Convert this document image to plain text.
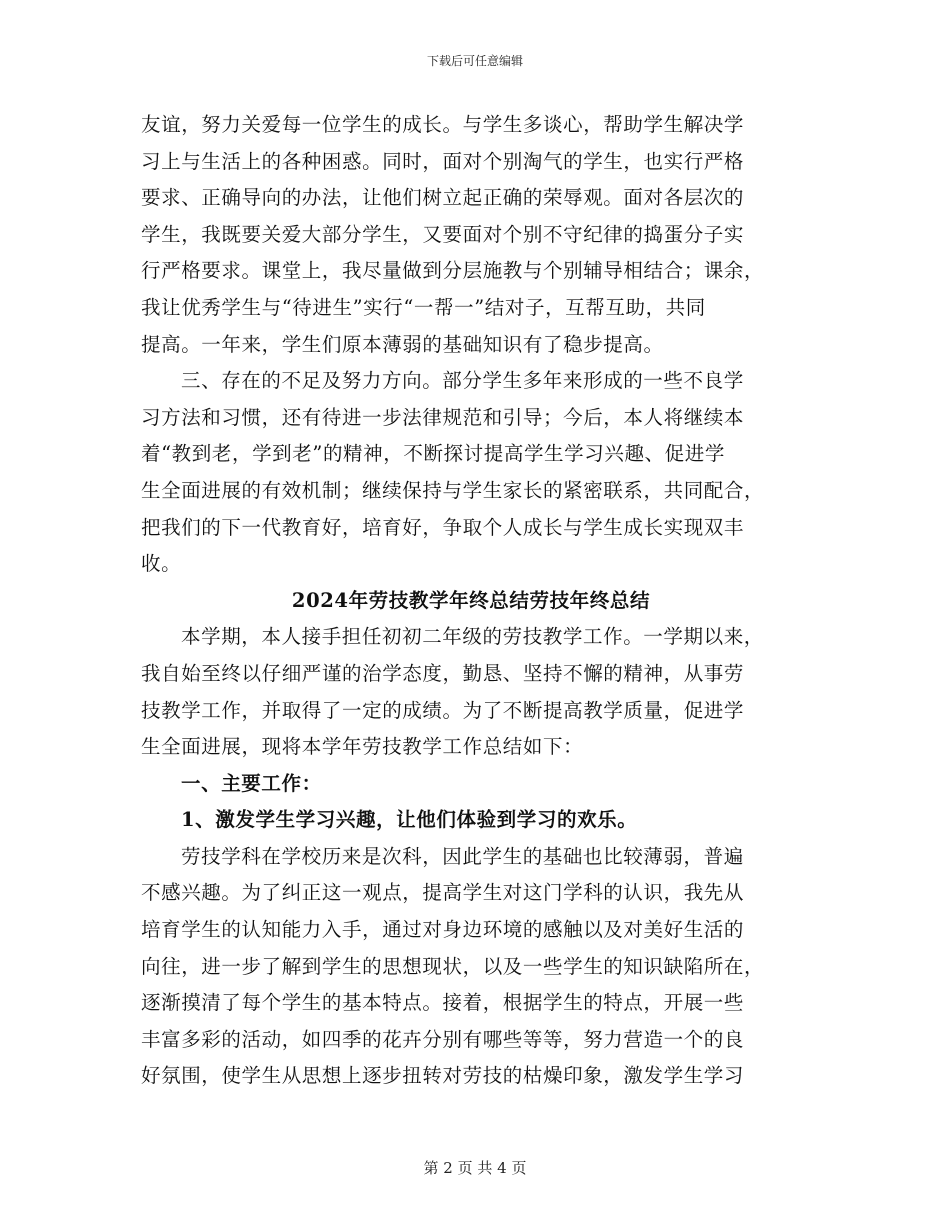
下载后可任意编辑
友谊，努力关爱每一位学生的成长。与学生多谈心，帮助学生解决学
习上与生活上的各种困惑。同时，面对个别淘气的学生，也实行严格
要求、正确导向的办法，让他们树立起正确的荣辱观。面对各层次的
学生，我既要关爱大部分学生，又要面对个别不守纪律的捣蛋分子实
行严格要求。课堂上，我尽量做到分层施教与个别辅导相结合；课余，
我让优秀学生与“待进生”实行“一帮一”结对子，互帮互助，共同
提高。一年来，学生们原本薄弱的基础知识有了稳步提高。
三、存在的不足及努力方向。部分学生多年来形成的一些不良学
习方法和习惯，还有待进一步法律规范和引导；今后，本人将继续本
着“教到老，学到老”的精神，不断探讨提高学生学习兴趣、促进学
生全面进展的有效机制；继续保持与学生家长的紧密联系，共同配合，
把我们的下一代教育好，培育好，争取个人成长与学生成长实现双丰
收。
2024年劳技教学年终总结劳技年终总结
本学期，本人接手担任初初二年级的劳技教学工作。一学期以来，
我自始至终以仔细严谨的治学态度，勤恳、坚持不懈的精神，从事劳
技教学工作，并取得了一定的成绩。为了不断提高教学质量，促进学
生全面进展，现将本学年劳技教学工作总结如下：
一、主要工作：
1、激发学生学习兴趣，让他们体验到学习的欢乐。
劳技学科在学校历来是次科，因此学生的基础也比较薄弱，普遍
不感兴趣。为了纠正这一观点，提高学生对这门学科的认识，我先从
培育学生的认知能力入手，通过对身边环境的感触以及对美好生活的
向往，进一步了解到学生的思想现状，以及一些学生的知识缺陷所在，
逐渐摸清了每个学生的基本特点。接着，根据学生的特点，开展一些
丰富多彩的活动，如四季的花卉分别有哪些等等，努力营造一个的良
好氛围，使学生从思想上逐步扭转对劳技的枯燥印象，激发学生学习
第 2 页 共 4 页
